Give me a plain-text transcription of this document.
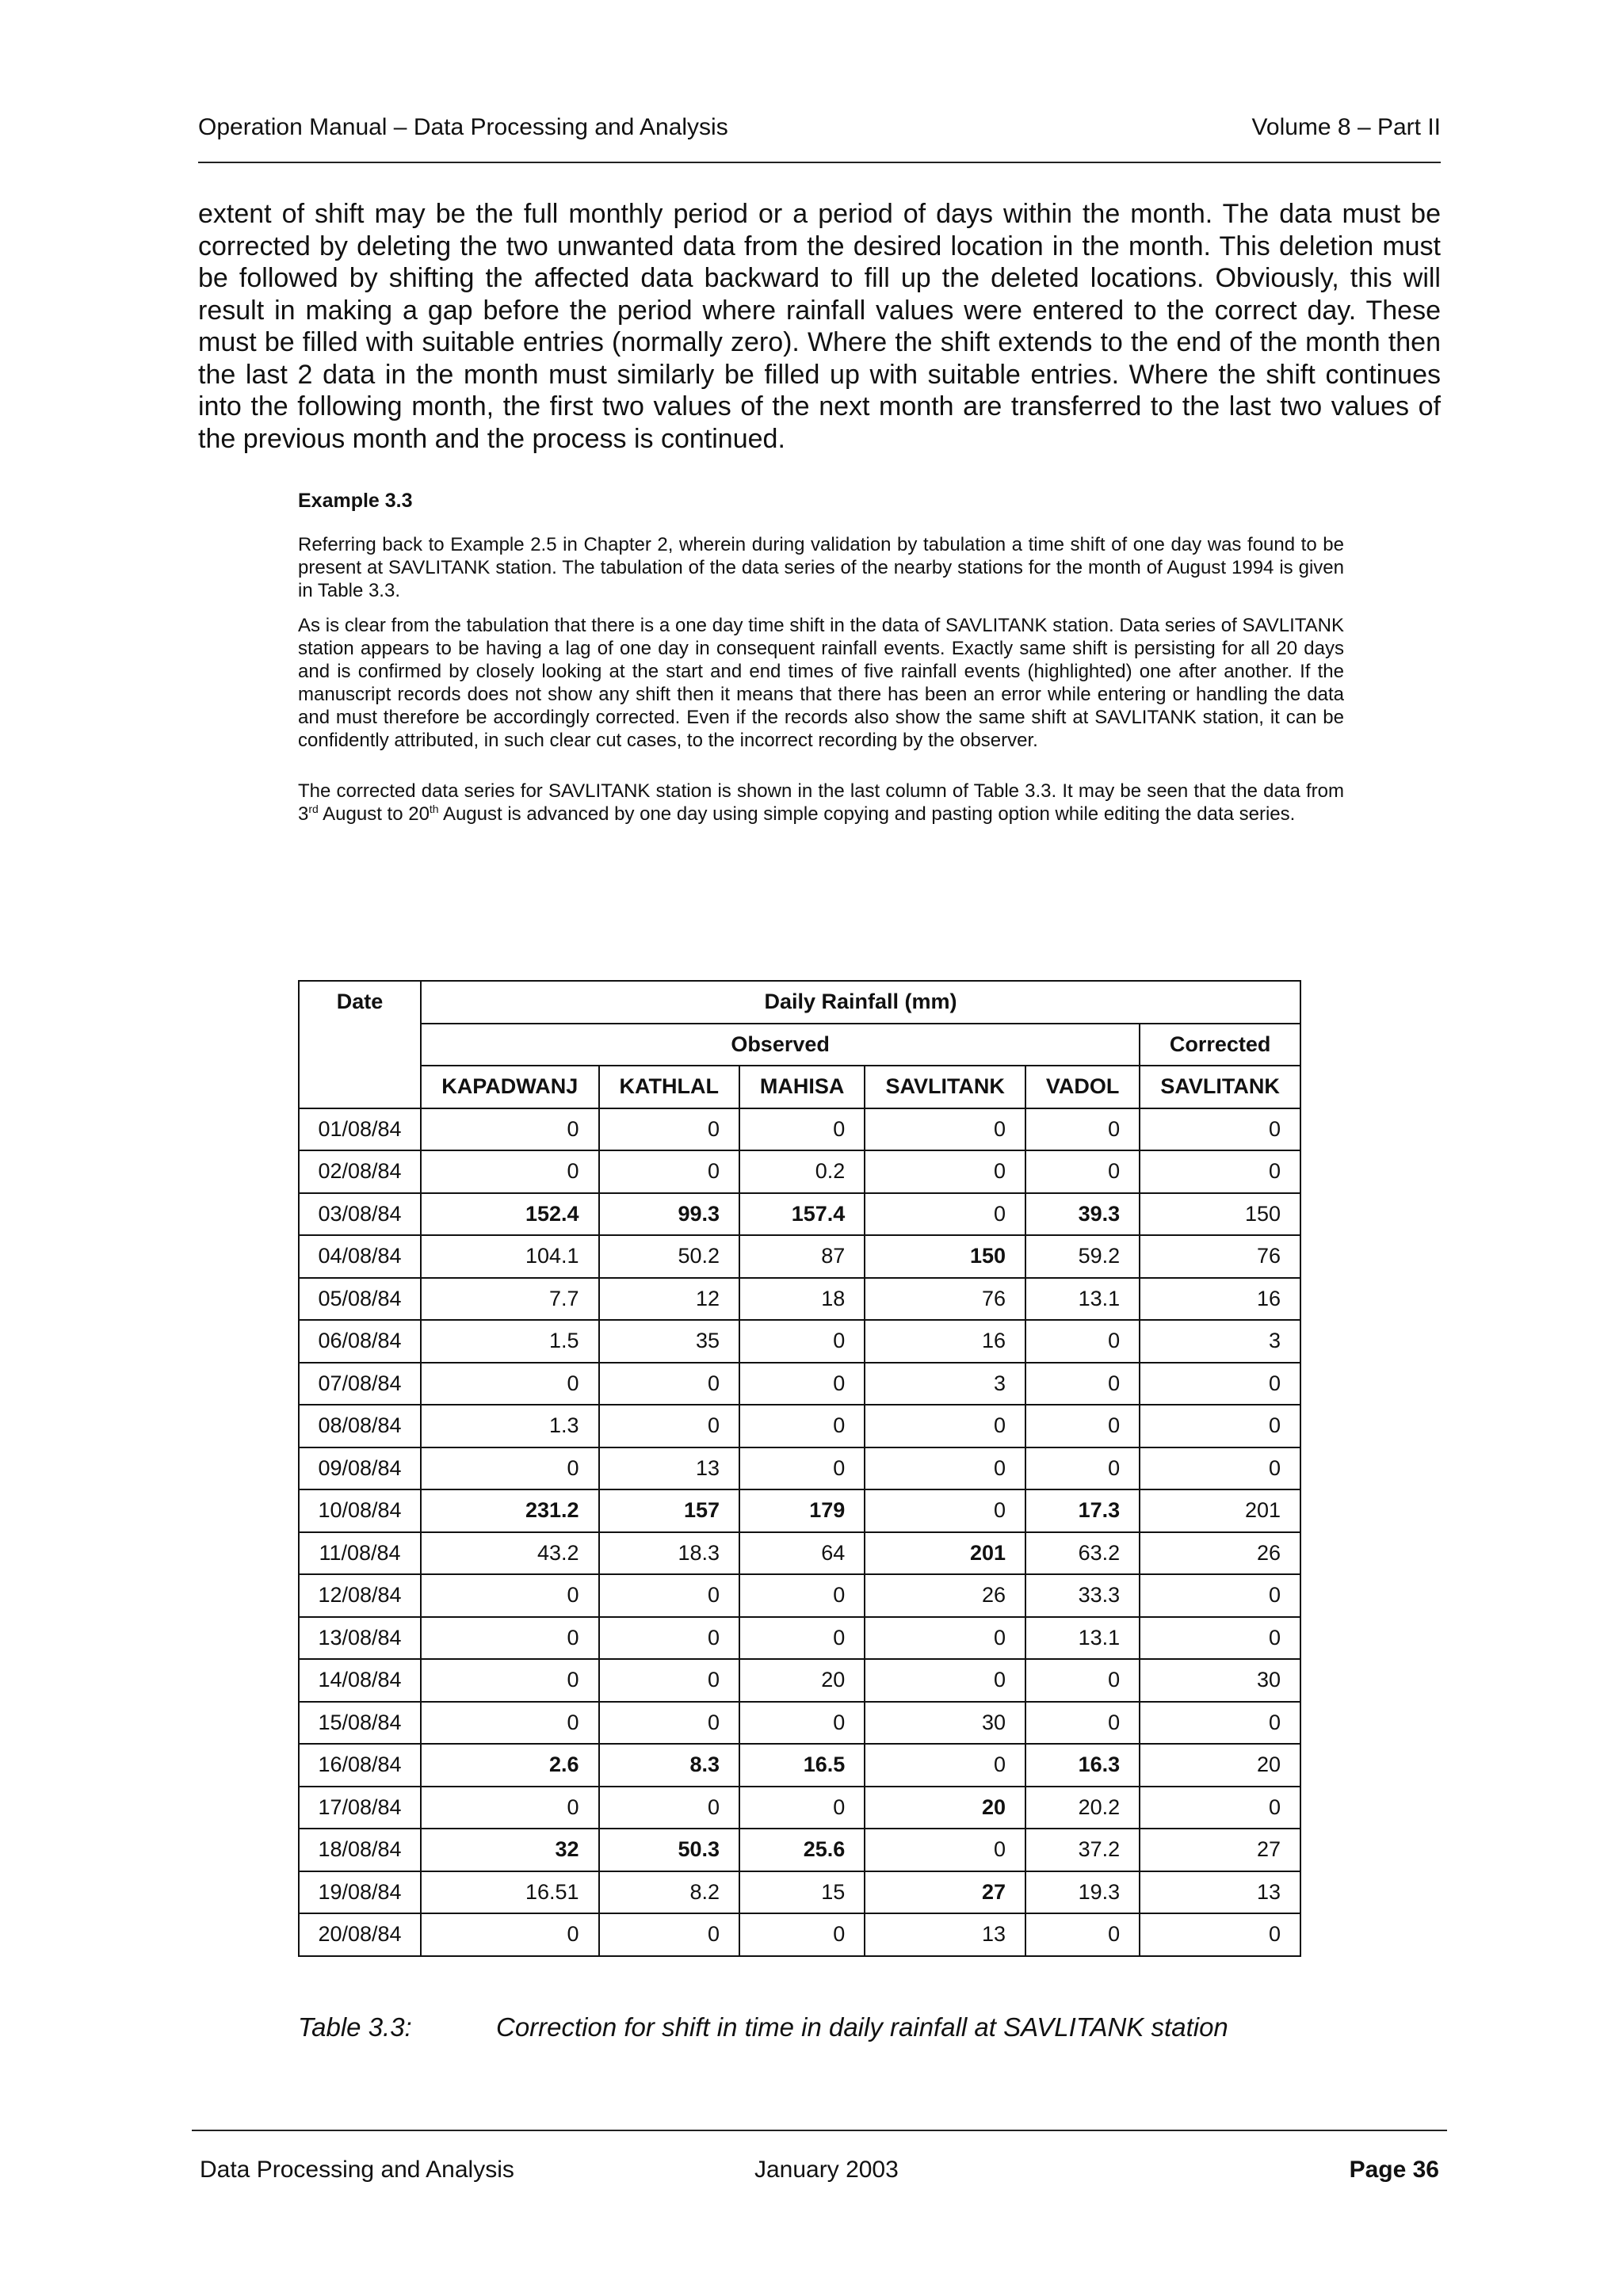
Operation Manual – Data Processing and Analysis	Volume 8 – Part II

extent of shift may be the full monthly period or a period of days within the month. The data must be corrected by deleting the two unwanted data from the desired location in the month. This deletion must be followed by shifting the affected data backward to fill up the deleted locations. Obviously, this will result in making a gap before the period where rainfall values were entered to the correct day. These must be filled with suitable entries (normally zero). Where the shift extends to the end of the month then the last 2 data in the month must similarly be filled up with suitable entries. Where the shift continues into the following month, the first two values of the next month are transferred to the last two values of the previous month and the process is continued.

Example 3.3

Referring back to Example 2.5 in Chapter 2, wherein during validation by tabulation a time shift of one day was found to be present at SAVLITANK station. The tabulation of the data series of the nearby stations for the month of August 1994 is given in Table 3.3.

As is clear from the tabulation that there is a one day time shift in the data of SAVLITANK station. Data series of SAVLITANK station appears to be having a lag of one day in consequent rainfall events. Exactly same shift is persisting for all 20 days and is confirmed by closely looking at the start and end times of five rainfall events (highlighted) one after another. If the manuscript records does not show any shift then it means that there has been an error while entering or handling the data and must therefore be accordingly corrected. Even if the records also show the same shift at SAVLITANK station, it can be confidently attributed, in such clear cut cases, to the incorrect recording by the observer.

The corrected data series for SAVLITANK station is shown in the last column of Table 3.3. It may be seen that the data from 3rd August to 20th August is advanced by one day using simple copying and pasting option while editing the data series.

Date	Daily Rainfall (mm)					
	Observed					Corrected
	KAPADWANJ	KATHLAL	MAHISA	SAVLITANK	VADOL	SAVLITANK
01/08/84	0	0	0	0	0	0
02/08/84	0	0	0.2	0	0	0
03/08/84	152.4	99.3	157.4	0	39.3	150
04/08/84	104.1	50.2	87	150	59.2	76
05/08/84	7.7	12	18	76	13.1	16
06/08/84	1.5	35	0	16	0	3
07/08/84	0	0	0	3	0	0
08/08/84	1.3	0	0	0	0	0
09/08/84	0	13	0	0	0	0
10/08/84	231.2	157	179	0	17.3	201
11/08/84	43.2	18.3	64	201	63.2	26
12/08/84	0	0	0	26	33.3	0
13/08/84	0	0	0	0	13.1	0
14/08/84	0	0	20	0	0	30
15/08/84	0	0	0	30	0	0
16/08/84	2.6	8.3	16.5	0	16.3	20
17/08/84	0	0	0	20	20.2	0
18/08/84	32	50.3	25.6	0	37.2	27
19/08/84	16.51	8.2	15	27	19.3	13
20/08/84	0	0	0	13	0	0
Table 3.3:	Correction for shift in time in daily rainfall at SAVLITANK station
Data Processing and Analysis	January 2003	Page 36
